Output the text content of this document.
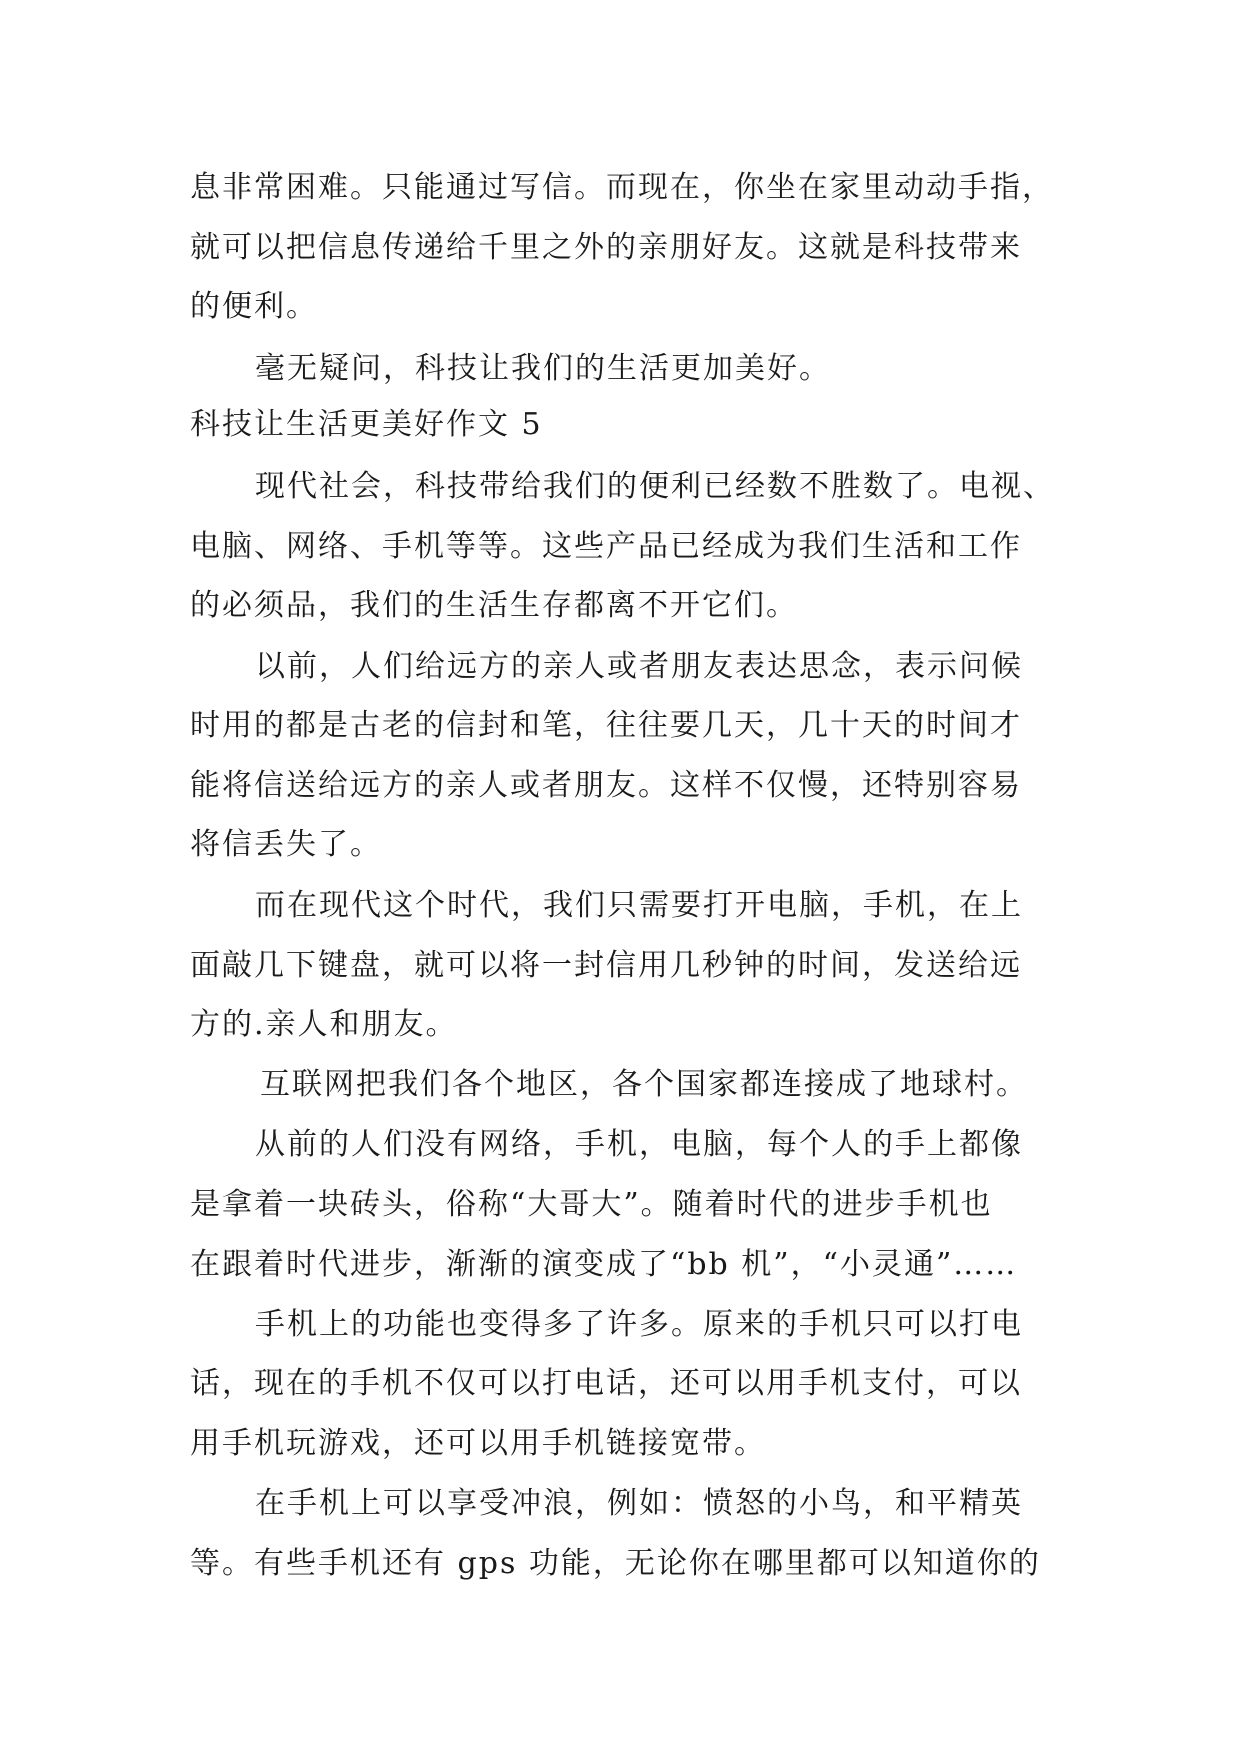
息非常困难。只能通过写信。而现在，你坐在家里动动手指，
就可以把信息传递给千里之外的亲朋好友。这就是科技带来
的便利。
毫无疑问，科技让我们的生活更加美好。
科技让生活更美好作文 5
现代社会，科技带给我们的便利已经数不胜数了。电视、
电脑、网络、手机等等。这些产品已经成为我们生活和工作
的必须品，我们的生活生存都离不开它们。
以前，人们给远方的亲人或者朋友表达思念，表示问候
时用的都是古老的信封和笔，往往要几天，几十天的时间才
能将信送给远方的亲人或者朋友。这样不仅慢，还特别容易
将信丢失了。
而在现代这个时代，我们只需要打开电脑，手机，在上
面敲几下键盘，就可以将一封信用几秒钟的时间，发送给远
方的.亲人和朋友。
互联网把我们各个地区，各个国家都连接成了地球村。
从前的人们没有网络，手机，电脑，每个人的手上都像
是拿着一块砖头，俗称“大哥大”。随着时代的进步手机也
在跟着时代进步，渐渐的演变成了“bb 机”，“小灵通”……
手机上的功能也变得多了许多。原来的手机只可以打电
话，现在的手机不仅可以打电话，还可以用手机支付，可以
用手机玩游戏，还可以用手机链接宽带。
在手机上可以享受冲浪，例如：愤怒的小鸟，和平精英
等。有些手机还有 gps 功能，无论你在哪里都可以知道你的
